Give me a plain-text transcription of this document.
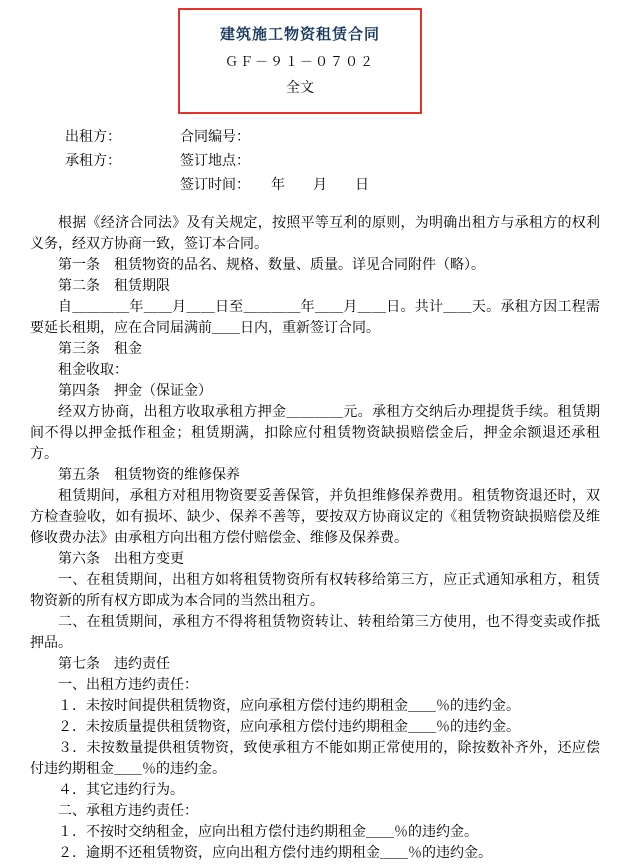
建筑施工物资租赁合同
ＧＦ－９１－０７０２
全文
出租方：	合同编号：
承租方：	签订地点：
签订时间：　　年　　月　　日

根据《经济合同法》及有关规定，按照平等互利的原则，为明确出租方与承租方的权利义务，经双方协商一致，签订本合同。

第一条　租赁物资的品名、规格、数量、质量。详见合同附件（略）。

第二条　租赁期限

自＿＿＿＿年＿＿月＿＿日至＿＿＿＿年＿＿月＿＿日。共计＿＿天。承租方因工程需要延长租期，应在合同届满前＿＿日内，重新签订合同。

第三条　租金

租金收取：

第四条　押金（保证金）

经双方协商，出租方收取承租方押金＿＿＿＿元。承租方交纳后办理提货手续。租赁期间不得以押金抵作租金；租赁期满，扣除应付租赁物资缺损赔偿金后，押金余额退还承租方。

第五条　租赁物资的维修保养

租赁期间，承租方对租用物资要妥善保管，并负担维修保养费用。租赁物资退还时，双方检查验收，如有损坏、缺少、保养不善等，要按双方协商议定的《租赁物资缺损赔偿及维修收费办法》由承租方向出租方偿付赔偿金、维修及保养费。

第六条　出租方变更

一、在租赁期间，出租方如将租赁物资所有权转移给第三方，应正式通知承租方，租赁物资新的所有权方即成为本合同的当然出租方。

二、在租赁期间，承租方不得将租赁物资转让、转租给第三方使用，也不得变卖或作抵押品。

第七条　违约责任

一、出租方违约责任：

１．未按时间提供租赁物资，应向承租方偿付违约期租金＿＿％的违约金。

２．未按质量提供租赁物资，应向承租方偿付违约期租金＿＿％的违约金。

３．未按数量提供租赁物资，致使承租方不能如期正常使用的，除按数补齐外，还应偿付违约期租金＿＿％的违约金。

４．其它违约行为。

二、承租方违约责任：

１．不按时交纳租金，应向出租方偿付违约期租金＿＿％的违约金。

２．逾期不还租赁物资，应向出租方偿付违约期租金＿＿％的违约金。
